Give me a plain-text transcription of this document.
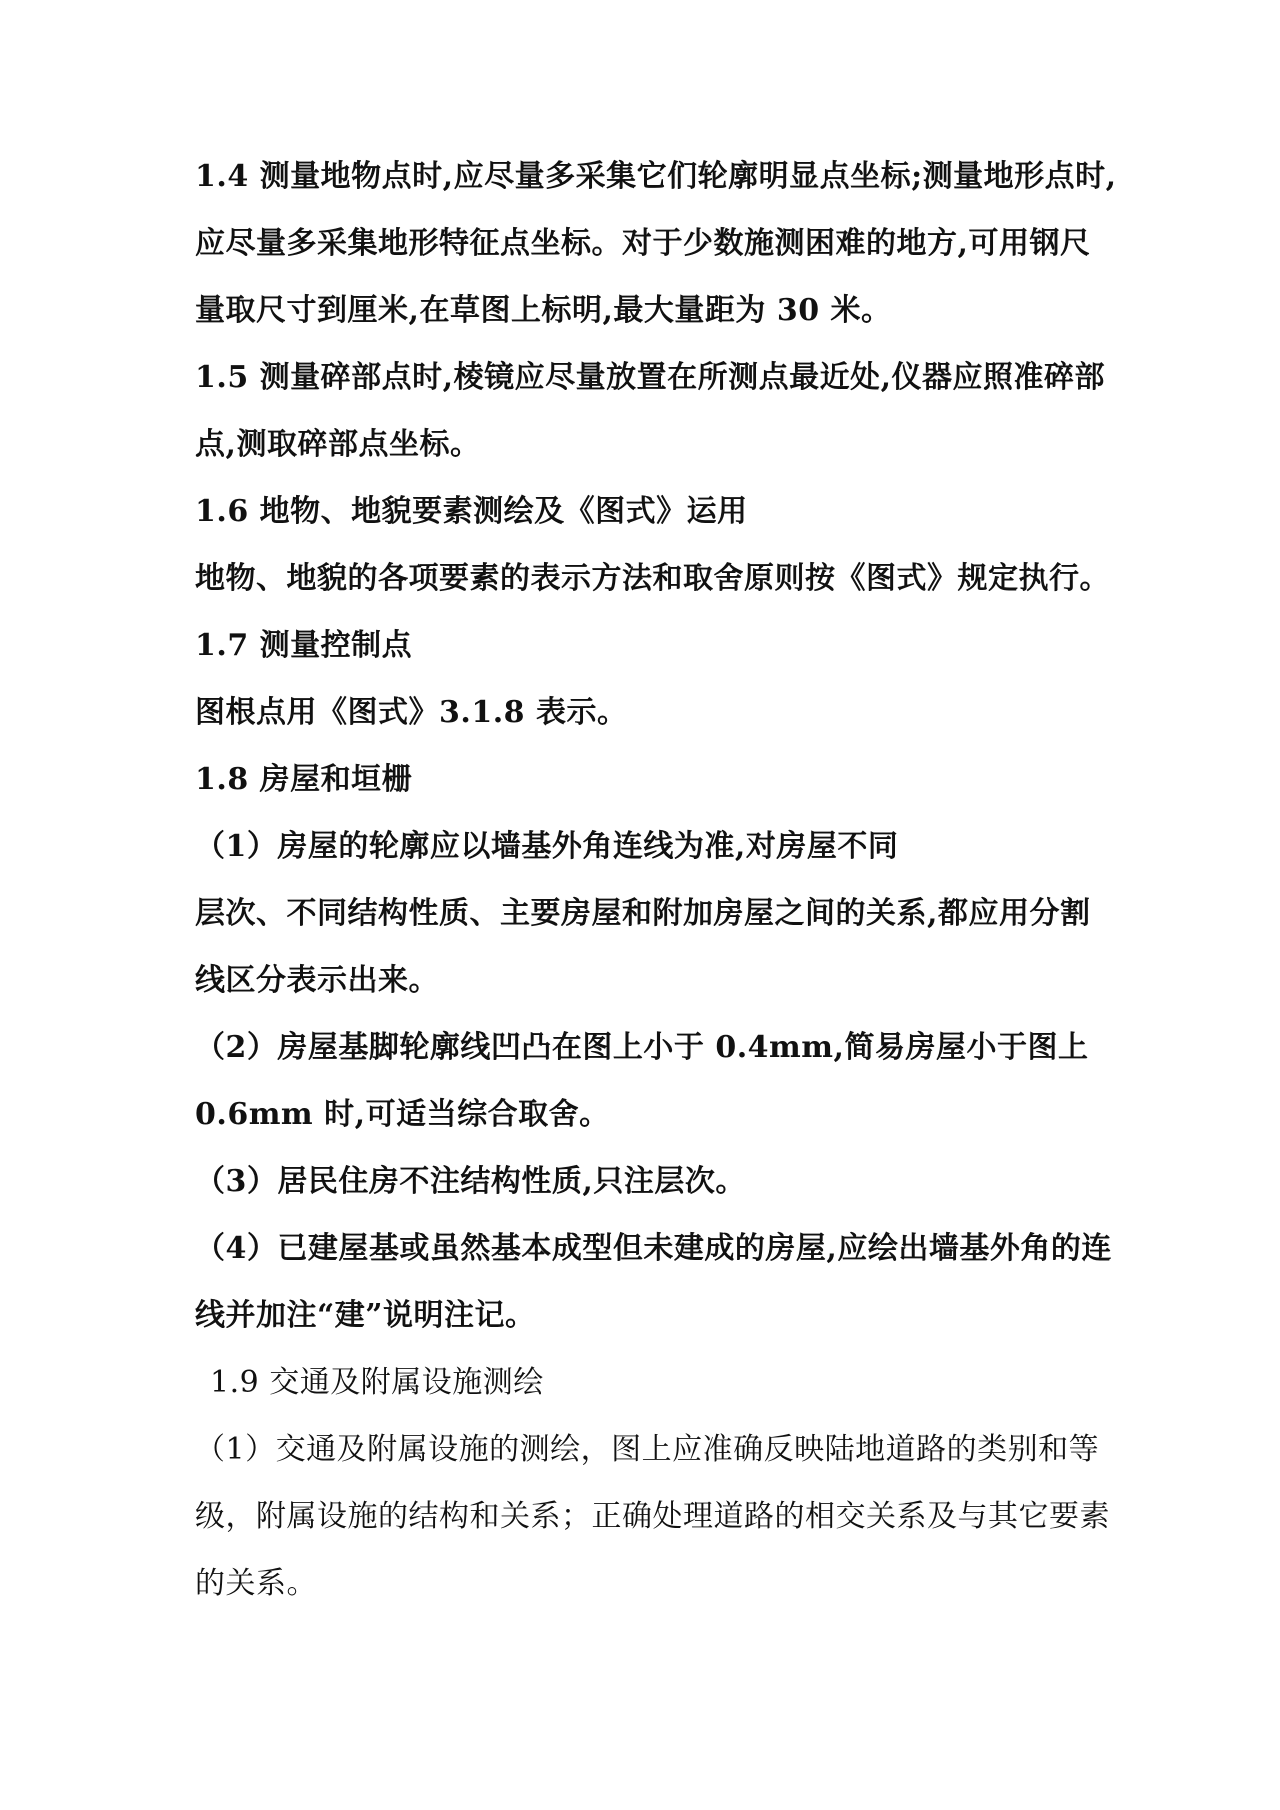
1.4 测量地物点时,应尽量多采集它们轮廓明显点坐标;测量地形点时,
应尽量多采集地形特征点坐标。对于少数施测困难的地方,可用钢尺
量取尺寸到厘米,在草图上标明,最大量距为 30 米。
1.5 测量碎部点时,棱镜应尽量放置在所测点最近处,仪器应照准碎部
点,测取碎部点坐标。
1.6 地物、地貌要素测绘及《图式》运用
地物、地貌的各项要素的表示方法和取舍原则按《图式》规定执行。
1.7 测量控制点
图根点用《图式》3.1.8 表示。
1.8 房屋和垣栅
（1）房屋的轮廓应以墙基外角连线为准,对房屋不同
层次、不同结构性质、主要房屋和附加房屋之间的关系,都应用分割
线区分表示出来。
（2）房屋基脚轮廓线凹凸在图上小于 0.4mm,简易房屋小于图上
0.6mm 时,可适当综合取舍。
（3）居民住房不注结构性质,只注层次。
（4）已建屋基或虽然基本成型但未建成的房屋,应绘出墙基外角的连
线并加注“建”说明注记。
1.9 交通及附属设施测绘
（1）交通及附属设施的测绘，图上应准确反映陆地道路的类别和等
级，附属设施的结构和关系；正确处理道路的相交关系及与其它要素
的关系。
